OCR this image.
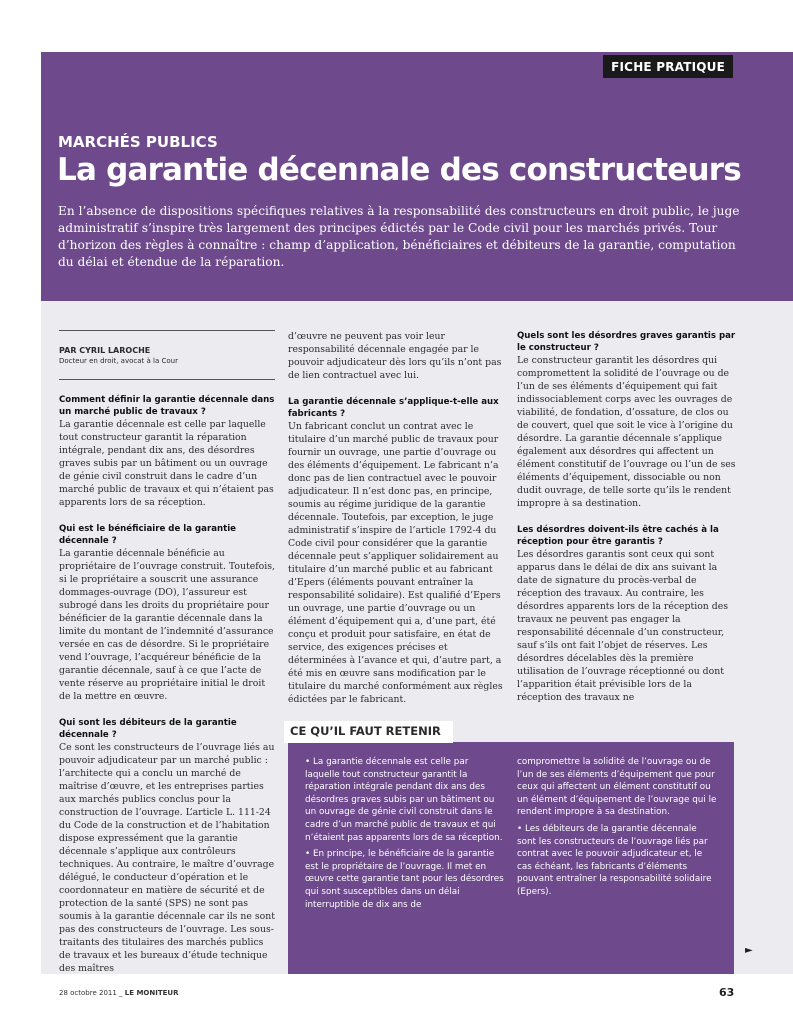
FICHE PRATIQUE
MARCHÉS PUBLICS
La garantie décennale des constructeurs
En l’absence de dispositions spécifiques relatives à la responsabilité des constructeurs en droit public, le juge administratif s’inspire très largement des principes édictés par le Code civil pour les marchés privés. Tour d’horizon des règles à connaître : champ d’application, bénéficiaires et débiteurs de la garantie, computation du délai et étendue de la réparation.
PAR CYRIL LAROCHE
Docteur en droit, avocat à la Cour
Comment définir la garantie décennale dans un marché public de travaux ?

La garantie décennale est celle par laquelle tout constructeur garantit la réparation intégrale, pendant dix ans, des désordres graves subis par un bâtiment ou un ouvrage de génie civil construit dans le cadre d’un marché public de travaux et qui n’étaient pas apparents lors de sa réception.

Qui est le bénéficiaire de la garantie décennale ?

La garantie décennale bénéficie au propriétaire de l’ouvrage construit. Toutefois, si le propriétaire a souscrit une assurance dommages-ouvrage (DO), l’assureur est subrogé dans les droits du propriétaire pour bénéficier de la garantie décennale dans la limite du montant de l’indemnité d’assurance versée en cas de désordre. Si le propriétaire vend l’ouvrage, l’acquéreur bénéficie de la garantie décennale, sauf à ce que l’acte de vente réserve au propriétaire initial le droit de la mettre en œuvre.

Qui sont les débiteurs de la garantie décennale ?

Ce sont les constructeurs de l’ouvrage liés au pouvoir adjudicateur par un marché public : l’architecte qui a conclu un marché de maîtrise d’œuvre, et les entreprises parties aux marchés publics conclus pour la construction de l’ouvrage. L’article L. 111-24 du Code de la construction et de l’habitation dispose expressément que la garantie décennale s’applique aux contrôleurs techniques. Au contraire, le maître d’ouvrage délégué, le conducteur d’opération et le coordonnateur en matière de sécurité et de protection de la santé (SPS) ne sont pas soumis à la garantie décennale car ils ne sont pas des constructeurs de l’ouvrage. Les sous-traitants des titulaires des marchés publics de travaux et les bureaux d’étude technique des maîtres

d’œuvre ne peuvent pas voir leur responsabilité décennale engagée par le pouvoir adjudicateur dès lors qu’ils n’ont pas de lien contractuel avec lui.

La garantie décennale s’applique-t-elle aux fabricants ?

Un fabricant conclut un contrat avec le titulaire d’un marché public de travaux pour fournir un ouvrage, une partie d’ouvrage ou des éléments d’équipement. Le fabricant n’a donc pas de lien contractuel avec le pouvoir adjudicateur. Il n’est donc pas, en principe, soumis au régime juridique de la garantie décennale. Toutefois, par exception, le juge administratif s’inspire de l’article 1792-4 du Code civil pour considérer que la garantie décennale peut s’appliquer solidairement au titulaire d’un marché public et au fabricant d’Epers (éléments pouvant entraîner la responsabilité solidaire). Est qualifié d’Epers un ouvrage, une partie d’ouvrage ou un élément d’équipement qui a, d’une part, été conçu et produit pour satisfaire, en état de service, des exigences précises et déterminées à l’avance et qui, d’autre part, a été mis en œuvre sans modification par le titulaire du marché conformément aux règles édictées par le fabricant.

Quels sont les désordres graves garantis par le constructeur ?

Le constructeur garantit les désordres qui compromettent la solidité de l’ouvrage ou de l’un de ses éléments d’équipement qui fait indissociablement corps avec les ouvrages de viabilité, de fondation, d’ossature, de clos ou de couvert, quel que soit le vice à l’origine du désordre. La garantie décennale s’applique également aux désordres qui affectent un élément constitutif de l’ouvrage ou l’un de ses éléments d’équipement, dissociable ou non dudit ouvrage, de telle sorte qu’ils le rendent impropre à sa destination.

Les désordres doivent-ils être cachés à la réception pour être garantis ?

Les désordres garantis sont ceux qui sont apparus dans le délai de dix ans suivant la date de signature du procès-verbal de réception des travaux. Au contraire, les désordres apparents lors de la réception des travaux ne peuvent pas engager la responsabilité décennale d’un constructeur, sauf s’ils ont fait l’objet de réserves. Les désordres décelables dès la première utilisation de l’ouvrage réceptionné ou dont l’apparition était prévisible lors de la réception des travaux ne

• La garantie décennale est celle par laquelle tout constructeur garantit la réparation intégrale pendant dix ans des désordres graves subis par un bâtiment ou un ouvrage de génie civil construit dans le cadre d’un marché public de travaux et qui n’étaient pas apparents lors de sa réception.

• En principe, le bénéficiaire de la garantie est le propriétaire de l’ouvrage. Il met en œuvre cette garantie tant pour les désordres qui sont susceptibles dans un délai interruptible de dix ans de

compromettre la solidité de l’ouvrage ou de l’un de ses éléments d’équipement que pour ceux qui affectent un élément constitutif ou un élément d’équipement de l’ouvrage qui le rendent impropre à sa destination.

• Les débiteurs de la garantie décennale sont les constructeurs de l’ouvrage liés par contrat avec le pouvoir adjudicateur et, le cas échéant, les fabricants d’éléments pouvant entraîner la responsabilité solidaire (Epers).

CE QU’IL FAUT RETENIR
►
28 octobre 2011 _ LE MONITEUR	63
